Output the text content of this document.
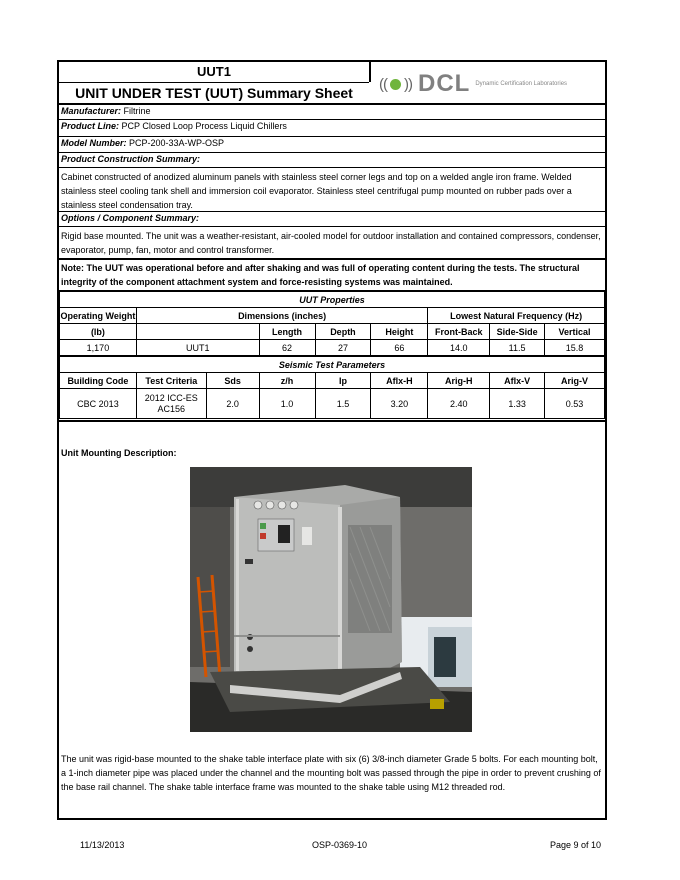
UUT1
UNIT UNDER TEST (UUT) Summary Sheet
(( )) DCL Dynamic Certification Laboratories
Manufacturer: Filtrine
Product Line: PCP Closed Loop Process Liquid Chillers
Model Number: PCP-200-33A-WP-OSP
Product Construction Summary:
Cabinet constructed of anodized aluminum panels with stainless steel corner legs and top on a welded angle iron frame. Welded stainless steel cooling tank shell and immersion coil evaporator. Stainless steel centrifugal pump mounted on rubber pads over a stainless steel condensation tray.
Options / Component Summary:
Rigid base mounted. The unit was a weather-resistant, air-cooled model for outdoor installation and contained compressors, condenser, evaporator, pump, fan, motor and control transformer.
Note: The UUT was operational before and after shaking and was full of operating content during the tests. The structural integrity of the component attachment system and force-resisting systems was maintained.
UUT Properties								
Operating Weight	Dimensions (inches)					Lowest Natural Frequency (Hz)		
(lb)			Length	Depth	Height	Front-Back	Side-Side	Vertical
1,170	UUT1		62	27	66	14.0	11.5	15.8
Seismic Test Parameters								
Building Code	Test Criteria	Sds	z/h	Ip	Aflx-H	Arig-H	Aflx-V	Arig-V
CBC 2013	2012 ICC-ES AC156	2.0	1.0	1.5	3.20	2.40	1.33	0.53
Unit Mounting Description:
The unit was rigid-base mounted to the shake table interface plate with six (6) 3/8-inch diameter Grade 5 bolts. For each mounting bolt, a 1-inch diameter pipe was placed under the channel and the mounting bolt was passed through the pipe in order to prevent crushing of the base rail channel. The shake table interface frame was mounted to the shake table using M12 threaded rod.
11/13/2013	OSP-0369-10	Page 9 of 10
